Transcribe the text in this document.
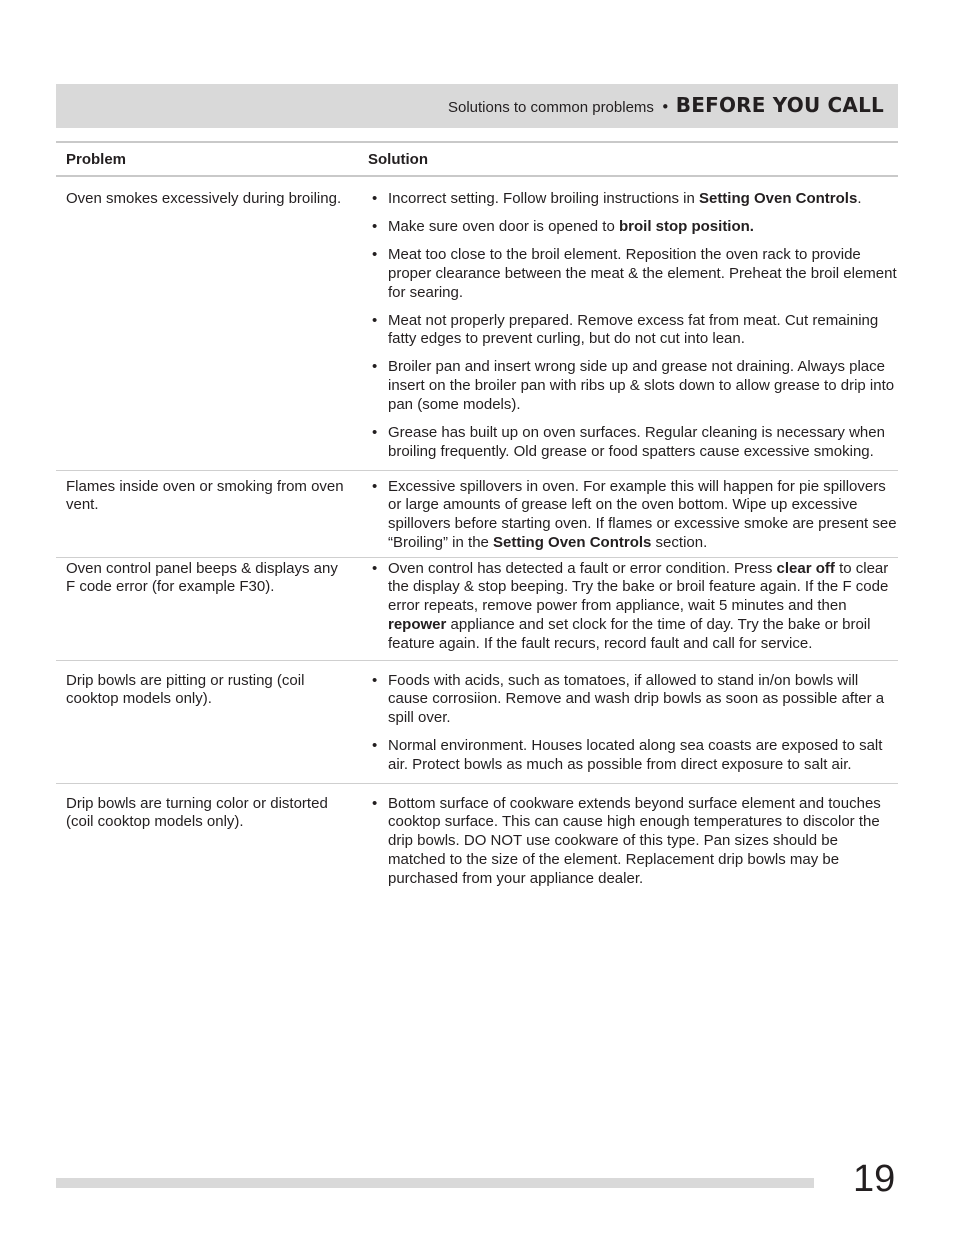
Solutions to common problems • BEFORE YOU CALL
Problem	Solution
Oven smokes excessively during broiling.
•	Incorrect setting. Follow broiling instructions in Setting Oven Controls.
• Make sure oven door is opened to broil stop position.
• Meat too close to the broil element. Reposition the oven rack to provide proper clearance between the meat & the element. Preheat the broil element for searing.
• Meat not properly prepared. Remove excess fat from meat. Cut remaining fatty edges to prevent curling, but do not cut into lean.
• Broiler pan and insert wrong side up and grease not draining. Always place insert on the broiler pan with ribs up & slots down to allow grease to drip into pan (some models).
• Grease has built up on oven surfaces. Regular cleaning is necessary when broiling frequently. Old grease or food spatters cause excessive smoking.
Flames inside oven or smoking from oven vent.
• Excessive spillovers in oven. For example this will happen for pie spillovers or large amounts of grease left on the oven bottom. Wipe up excessive spillovers before starting oven. If flames or excessive smoke are present see “Broiling” in the Setting Oven Controls section.
Oven control panel beeps & displays any F code error (for example F30).
• Oven control has detected a fault or error condition. Press clear off to clear the display & stop beeping. Try the bake or broil feature again. If the F code error repeats, remove power from appliance, wait 5 minutes and then repower appliance and set clock for the time of day. Try the bake or broil feature again. If the fault recurs, record fault and call for service.
Drip bowls are pitting or rusting (coil cooktop models only).
• Foods with acids, such as tomatoes, if allowed to stand in/on bowls will cause corrosiion. Remove and wash drip bowls as soon as possible after a spill over.
• Normal environment. Houses located along sea coasts are exposed to salt air. Protect bowls as much as possible from direct exposure to salt air.
Drip bowls are turning color or distorted (coil cooktop models only).
• Bottom surface of cookware extends beyond surface element and touches cooktop surface. This can cause high enough temperatures to discolor the drip bowls. DO NOT use cookware of this type. Pan sizes should be matched to the size of the element. Replacement drip bowls may be purchased from your appliance dealer.
19
